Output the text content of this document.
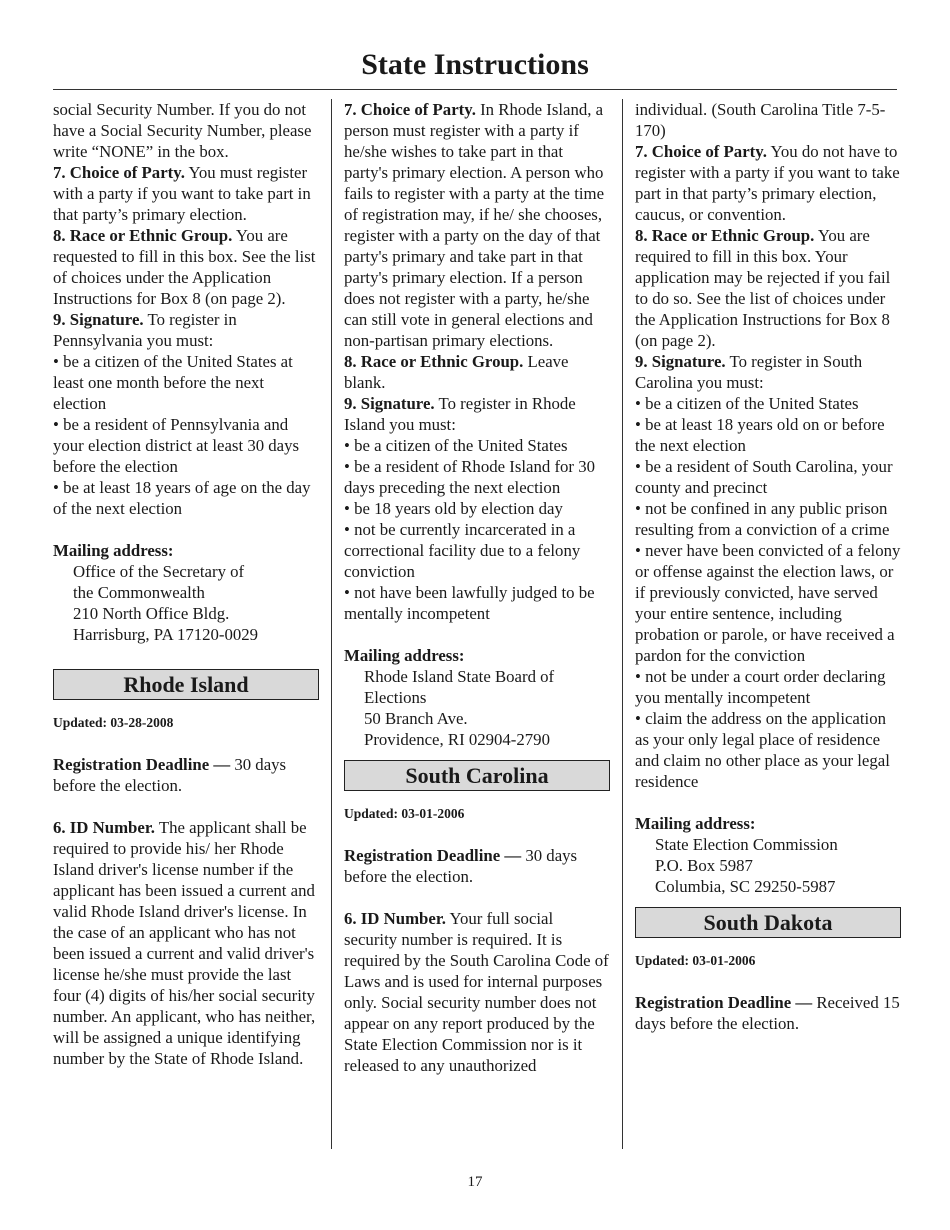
State Instructions

social Security Number. If you do not have a Social Security Number, please write “NONE” in the box.

7. Choice of Party. You must register with a party if you want to take part in that party’s primary election.

8. Race or Ethnic Group. You are requested to fill in this box. See the list of choices under the Application Instructions for Box 8 (on page 2).

9. Signature. To register in Pennsylvania you must:

• be a citizen of the United States at least one month before the next election

• be a resident of Pennsylvania and your election district at least 30 days before the election

• be at least 18 years of age on the day of the next election

Mailing address:

Office of the Secretary of

the Commonwealth

210 North Office Bldg.

Harrisburg, PA 17120-0029

Rhode Island

Updated: 03-28-2008

Registration Deadline — 30 days before the election.

6. ID Number. The applicant shall be required to provide his/ her Rhode Island driver's license number if the applicant has been issued a current and valid Rhode Island driver's license. In the case of an applicant who has not been issued a current and valid driver's license he/she must provide the last four (4) digits of his/her social security number. An applicant, who has neither, will be assigned a unique identifying number by the State of Rhode Island.

7. Choice of Party. In Rhode Island, a person must register with a party if he/she wishes to take part in that party's primary election. A person who fails to register with a party at the time of registration may, if he/ she chooses, register with a party on the day of that party's primary and take part in that party's primary election. If a person does not register with a party, he/she can still vote in general elections and non-partisan primary elections.

8. Race or Ethnic Group. Leave blank.

9. Signature. To register in Rhode Island you must:

• be a citizen of the United States

• be a resident of Rhode Island for 30 days preceding the next election

• be 18 years old by election day

• not be currently incarcerated in a correctional facility due to a felony conviction

• not have been lawfully judged to be mentally incompetent

Mailing address:

Rhode Island State Board of

Elections

50 Branch Ave.

Providence, RI 02904-2790

South Carolina

Updated: 03-01-2006

Registration Deadline — 30 days before the election.

6. ID Number. Your full social security number is required. It is required by the South Carolina Code of Laws and is used for internal purposes only. Social security number does not appear on any report produced by the State Election Commission nor is it released to any unauthorized

individual. (South Carolina Title 7-5-170)

7. Choice of Party. You do not have to register with a party if you want to take part in that party’s primary election, caucus, or convention.

8. Race or Ethnic Group. You are required to fill in this box. Your application may be rejected if you fail to do so. See the list of choices under the Application Instructions for Box 8 (on page 2).

9. Signature. To register in South Carolina you must:

• be a citizen of the United States

• be at least 18 years old on or before the next election

• be a resident of South Carolina, your county and precinct

• not be confined in any public prison resulting from a conviction of a crime

• never have been convicted of a felony or offense against the election laws, or if previously convicted, have served your entire sentence, including probation or parole, or have received a pardon for the conviction

• not be under a court order declaring you mentally incompetent

• claim the address on the application as your only legal place of residence and claim no other place as your legal residence

Mailing address:

State Election Commission

P.O. Box 5987

Columbia, SC 29250-5987

South Dakota

Updated: 03-01-2006

Registration Deadline — Received 15 days before the election.

17
